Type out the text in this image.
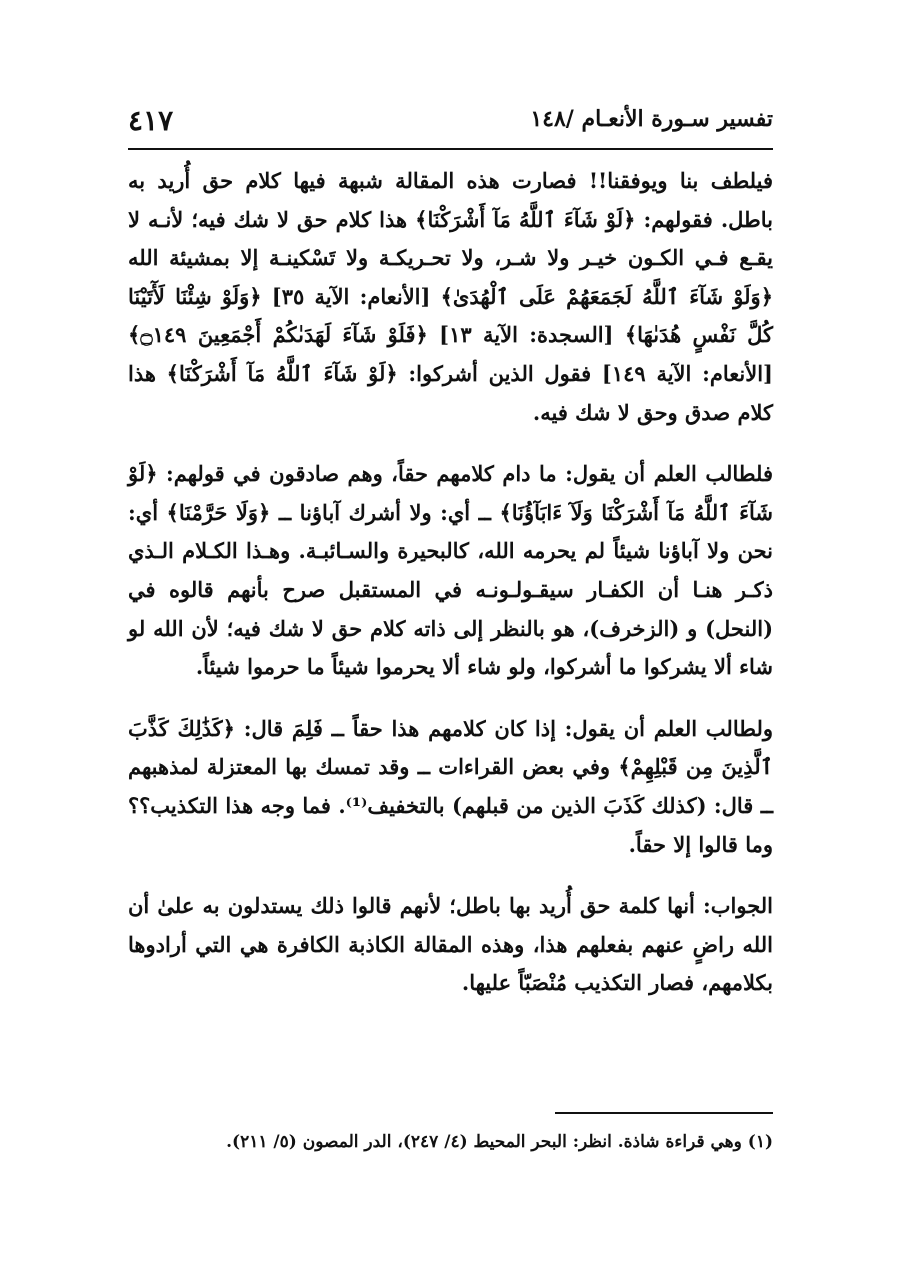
تفسير سـورة الأنعـام /١٤٨
٤١٧

فيلطف بنا ويوفقنا!! فصارت هذه المقالة شبهة فيها كلام حق أُريد به باطل. فقولهم: ﴿لَوْ شَآءَ ٱللَّهُ مَآ أَشْرَكْنَا﴾ هذا كلام حق لا شك فيه؛ لأنـه لا يقـع فـي الكـون خيـر ولا شـر، ولا تحـريكـة ولا تَسْكينـة إلا بمشيئة الله ﴿وَلَوْ شَآءَ ٱللَّهُ لَجَمَعَهُمْ عَلَى ٱلْهُدَىٰ﴾ [الأنعام: الآية ٣٥] ﴿وَلَوْ شِئْنَا لَأٓتَيْنَا كُلَّ نَفْسٍ هُدَىٰهَا﴾ [السجدة: الآية ١٣] ﴿فَلَوْ شَآءَ لَهَدَىٰكُمْ أَجْمَعِينَ ۝١٤٩﴾ [الأنعام: الآية ١٤٩] فقول الذين أشركوا: ﴿لَوْ شَآءَ ٱللَّهُ مَآ أَشْرَكْنَا﴾ هذا كلام صدق وحق لا شك فيه.

فلطالب العلم أن يقول: ما دام كلامهم حقاً، وهم صادقون في قولهم: ﴿لَوْ شَآءَ ٱللَّهُ مَآ أَشْرَكْنَا وَلَآ ءَابَآؤُنَا﴾ ــ أي: ولا أشرك آباؤنا ــ ﴿وَلَا حَرَّمْنَا﴾ أي: نحن ولا آباؤنا شيئاً لم يحرمه الله، كالبحيرة والسـائبـة. وهـذا الكـلام الـذي ذكـر هنـا أن الكفـار سيقـولـونـه في المستقبل صرح بأنهم قالوه في (النحل) و (الزخرف)، هو بالنظر إلى ذاته كلام حق لا شك فيه؛ لأن الله لو شاء ألا يشركوا ما أشركوا، ولو شاء ألا يحرموا شيئاً ما حرموا شيئاً.

ولطالب العلم أن يقول: إذا كان كلامهم هذا حقاً ــ فَلِمَ قال: ﴿كَذَٰلِكَ كَذَّبَ ٱلَّذِينَ مِن قَبْلِهِمْ﴾ وفي بعض القراءات ــ وقد تمسك بها المعتزلة لمذهبهم ــ قال: (كذلك كَذَبَ الذين من قبلهم) بالتخفيف⁽¹⁾. فما وجه هذا التكذيب؟؟ وما قالوا إلا حقاً.

الجواب: أنها كلمة حق أُريد بها باطل؛ لأنهم قالوا ذلك يستدلون به علىٰ أن الله راضٍ عنهم بفعلهم هذا، وهذه المقالة الكاذبة الكافرة هي التي أرادوها بكلامهم، فصار التكذيب مُنْصَبّاً عليها.

(١) وهي قراءة شاذة. انظر: البحر المحيط (٤/ ٢٤٧)، الدر المصون (٥/ ٢١١).
